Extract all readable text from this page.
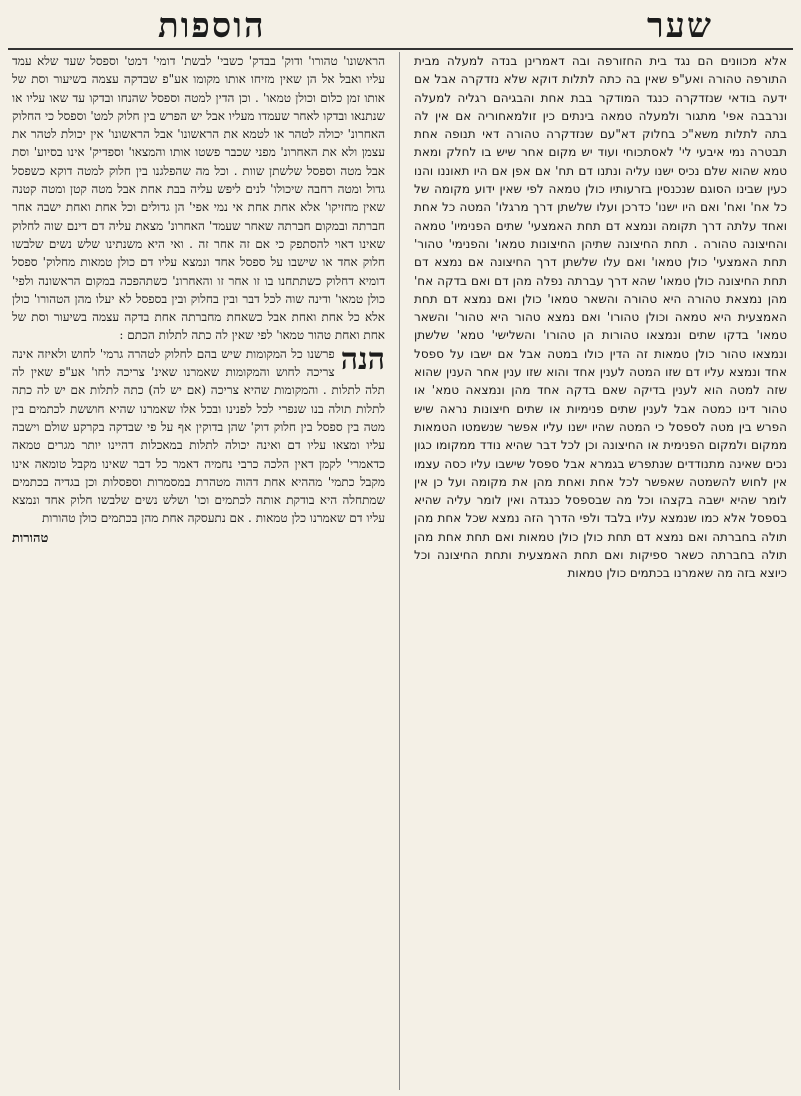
שער
הוספות

אלא מכוונים הם נגד בית החזורפה ובה דאמרינן בנדה למעלה מבית התורפה טהורה ואע"פ שאין בה כתה לתלות דוקא שלא נזדקרה אבל אם ידעה בודאי שנזדקרה כנגד המודקר בבת אחת והבגיהם רגליה למעלה ונרבבה אפי' מתגור ולמעלה טמאה בינתים כין זולמאחוריה אם אין לה בתה לתלות משא"כ בחלוק דא"עם שנזדקרה טהורה דאי תנופה אחת תבטרה נמי איבעי לי' לאסתכוחי ועוד יש מקום אחר שיש בו לחלק ומאת טמא שהוא שלם נכיס ישנו עליה ונתנו דם תח' אם אפן אם היו תאוננו והנו כעין שבינו הסוגם שנכנסין בזרעותיו כולן טמאה לפי שאין ידוע מקומה של כל אח' ואח' ואם היו ישנו' כדרכן ועלו שלשתן דרך מרגלו' המטה כל אחת ואחד עלתה דרך תקומה ונמצא דם תחת האמצעי' שתים הפנימיו' טמאה והחיצונה טהורה . תחת החיצונה שתיהן החיצונות טמאו' והפנימי' טהור' תחת האמצעי' כולן טמאו' ואם עלו שלשתן דרך החיצונה אם נמצא דם תחת החיצונה כולן טמאו' שהא דרך עברתה נפלה מהן דם ואם בדקה אח' מהן נמצאת טהורה היא טהורה והשאר טמאו' כולן ואם נמצא דם תחת האמצעית היא טמאה וכולן טהורו' ואם נמצא טהור היא טהור' והשאר טמאו' בדקו שתים ונמצאו טהורות הן טהורו' והשלישי' טמא' שלשתן ונמצאו טהור כולן טמאות זה הדין כולו במטה אבל אם ישבו על ספסל אחד ונמצא עליו דם שזו המטה לענין אחד והוא שזו ענין אחר הענין שהוא שזה למטה הוא לענין בדיקה שאם בדקה אחד מהן ונמצאה טמא' או טהור דינו כמטה אבל לענין שתים פנימיות או שתים חיצונות נראה שיש הפרש בין מטה לספסל כי המטה שהיו ישנו עליו אפשר שנשמטו הטמאות ממקום ולמקום הפנימית או החיצונה וכן לכל דבר שהיא נודד ממקומו כגון נכים שאינה מתנודדים שנתפרש בגמרא אבל ספסל שישבו עליו כסה עצמו אין לחוש להשמטה שאפשר לכל אחת ואחת מהן את מקומה ועל כן אין לומר שהיא ישבה בקצהו וכל מה שבספסל כנגדה ואין לומר עליה שהיא בספסל אלא כמו שנמצא עליו בלבד ולפי הדרך הזה נמצא שכל אחת מהן תולה בחברתה ואם נמצא דם תחת כולן כולן טמאות ואם תחת אחת מהן תולה בחברתה כשאר ספיקות ואם תחת האמצעית ותחת החיצונה וכל כיוצא בזה מה שאמרנו בכתמים כולן טמאות

הראשונו' טהורו' ודוק' בבדק' כשבי' לבשת' דומי' דמט' וספסל שעד שלא עמד עליו ואבל אל הן שאין מזיחו אותו מקומו אע"פ שבדקה עצמה בשיעור וסת של אותו זמן כלום וכולן טמאו' . וכן הדין למטה וספסל שהנחו ובדקו עד שאו עליו או שנתנאו ובדקו לאחר שעמדו מעליו אבל יש הפרש בין חלוק למט' וספסל כי החלוק האחרונ' יכולה לטהר או לטמא את הראשונו' אבל הראשונו' אין יכולת לטהר את עצמן ולא את האחרונ' מפני שכבר פשטו אותו והמצאו' וספדיק' אינו בסיוע' וסת אבל מטה וספסל שלשתן שוות . וכל מה שהפלגנו בין חלוק למטה דוקא כשפסל גדול ומטה רחבה שיכולו' לנים ליפש עליה בבת אחת אבל מטה קטן ומטה קטנה שאין מחזיקו' אלא אחת אחת אי נמי אפי' הן גדולים וכל אחת ואחת ישבה אחר חברתה ובמקום חברתה שאחר שעמד' האחרונ' מצאת עליה דם דינם שוה לחלוק שאינו דאוי להסתפק כי אם זה אחר זה . ואי היא משנתינו שלש נשים שלבשו חלוק אחד או שישבו על ספסל אחד ונמצא עליו דם כולן טמאות מחלוק' ספסל דומיא דחלוק כשתתחנו בו זו אחר זו והאחרונ' כשתהפכה במקום הראשונה ולפי' כולן טמאו' ודינה שוה לכל דבר ובין בחלוק ובין בספסל לא יעלו מהן הטהורו' כולן אלא כל אחת ואחת אבל כשאחת מחברתה אחת בדקה עצמה בשיעור וסת של אחת ואחת טהור טמאו' לפי שאין לה כתה לתלות הכתם :

הנה
פרשנו כל המקומות שיש בהם לחלוק לטהרה גרמי' לחוש ולאיזה אינה צריכה לחוש והמקומות שאמרנו שאינ' צריכה לחו' אע"פ שאין לה תלה לתלות . והמקומות שהיא צריכה (אם יש לה) כתה לתלות אם יש לה כתה לתלות תולה בנו שנפרי לכל לפנינו ובכל אלו שאמרנו שהיא חוששת לכתמים בין מטה בין ספסל בין חלוק דוק' שהן בדוקין אף על פי שבדקה בקרקע שולם וישבה עליו ומצאו עליו דם ואינה יכולה לתלות במאכלות דהיינו יותר מגרים טמאה כדאמרי' לקמן דאין הלכה כרבי נחמיה דאמר כל דבר שאינו מקבל טומאה אינו מקבל כתמי' מההיא אחת דהוה מטהרת במסמרות וספסלות וכן בגדיה בכתמים שמתחלה היא בודקת אותה לכתמים וכו' ושלש נשים שלבשו חלוק אחד ונמצא עליו דם שאמרנו כלן טמאות . אם נתעסקה אחת מהן בכתמים כולן טהורות

טהורות
